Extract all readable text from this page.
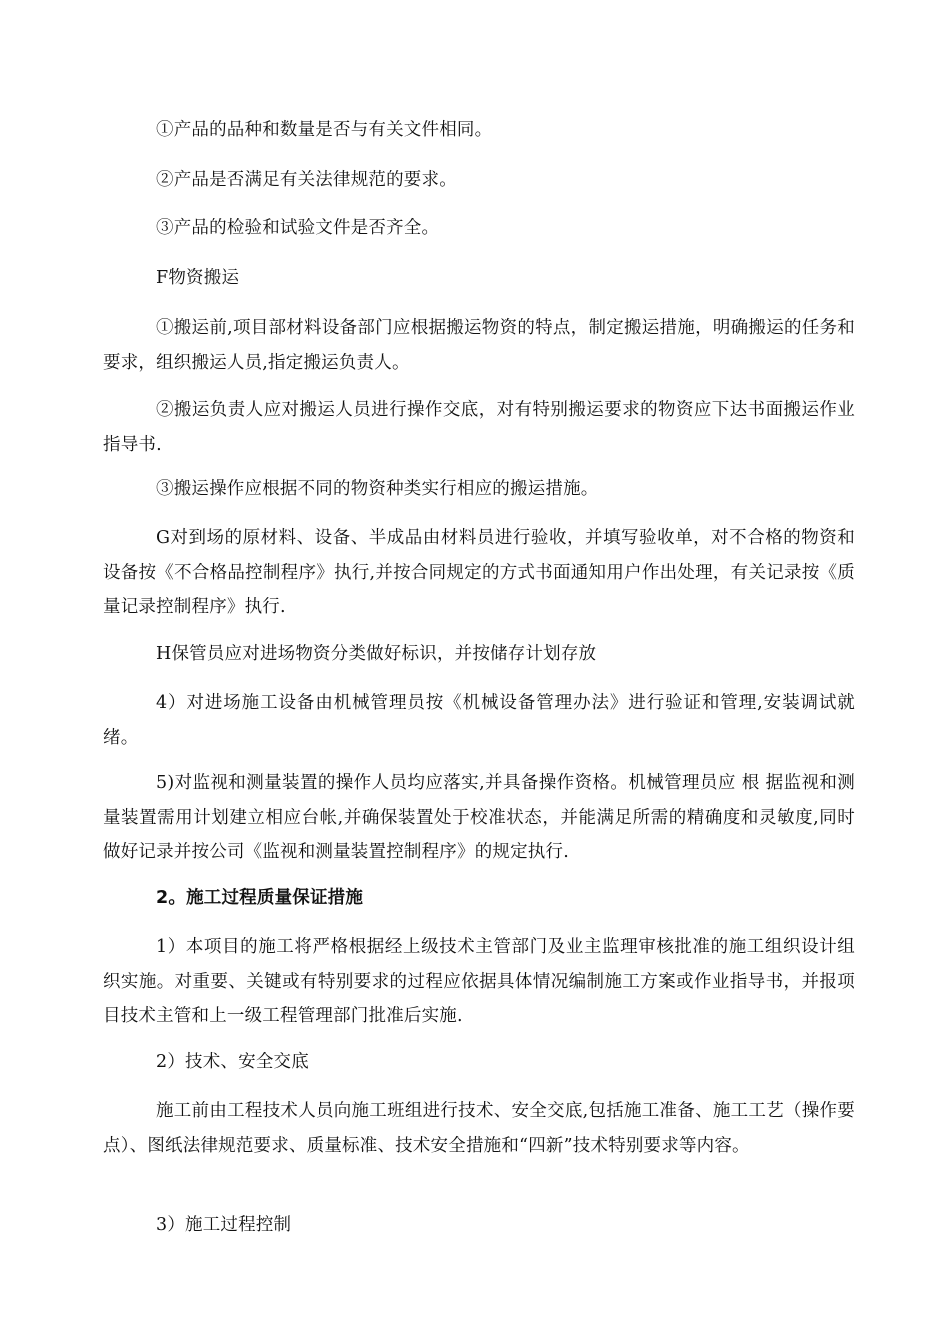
①产品的品种和数量是否与有关文件相同。

②产品是否满足有关法律规范的要求。

③产品的检验和试验文件是否齐全。

F物资搬运

①搬运前,项目部材料设备部门应根据搬运物资的特点，制定搬运措施，明确搬运的任务和要求，组织搬运人员,指定搬运负责人。

②搬运负责人应对搬运人员进行操作交底，对有特别搬运要求的物资应下达书面搬运作业指导书.

③搬运操作应根据不同的物资种类实行相应的搬运措施。

G对到场的原材料、设备、半成品由材料员进行验收，并填写验收单，对不合格的物资和设备按《不合格品控制程序》执行,并按合同规定的方式书面通知用户作出处理，有关记录按《质量记录控制程序》执行.

H保管员应对进场物资分类做好标识，并按储存计划存放

4）对进场施工设备由机械管理员按《机械设备管理办法》进行验证和管理,安装调试就绪。

5)对监视和测量装置的操作人员均应落实,并具备操作资格。机械管理员应 根 据监视和测量装置需用计划建立相应台帐,并确保装置处于校准状态，并能满足所需的精确度和灵敏度,同时做好记录并按公司《监视和测量装置控制程序》的规定执行.

2。施工过程质量保证措施

1）本项目的施工将严格根据经上级技术主管部门及业主监理审核批准的施工组织设计组织实施。对重要、关键或有特别要求的过程应依据具体情况编制施工方案或作业指导书，并报项目技术主管和上一级工程管理部门批准后实施.

2）技术、安全交底

施工前由工程技术人员向施工班组进行技术、安全交底,包括施工准备、施工工艺（操作要点）、图纸法律规范要求、质量标准、技术安全措施和“四新”技术特别要求等内容。

3）施工过程控制
